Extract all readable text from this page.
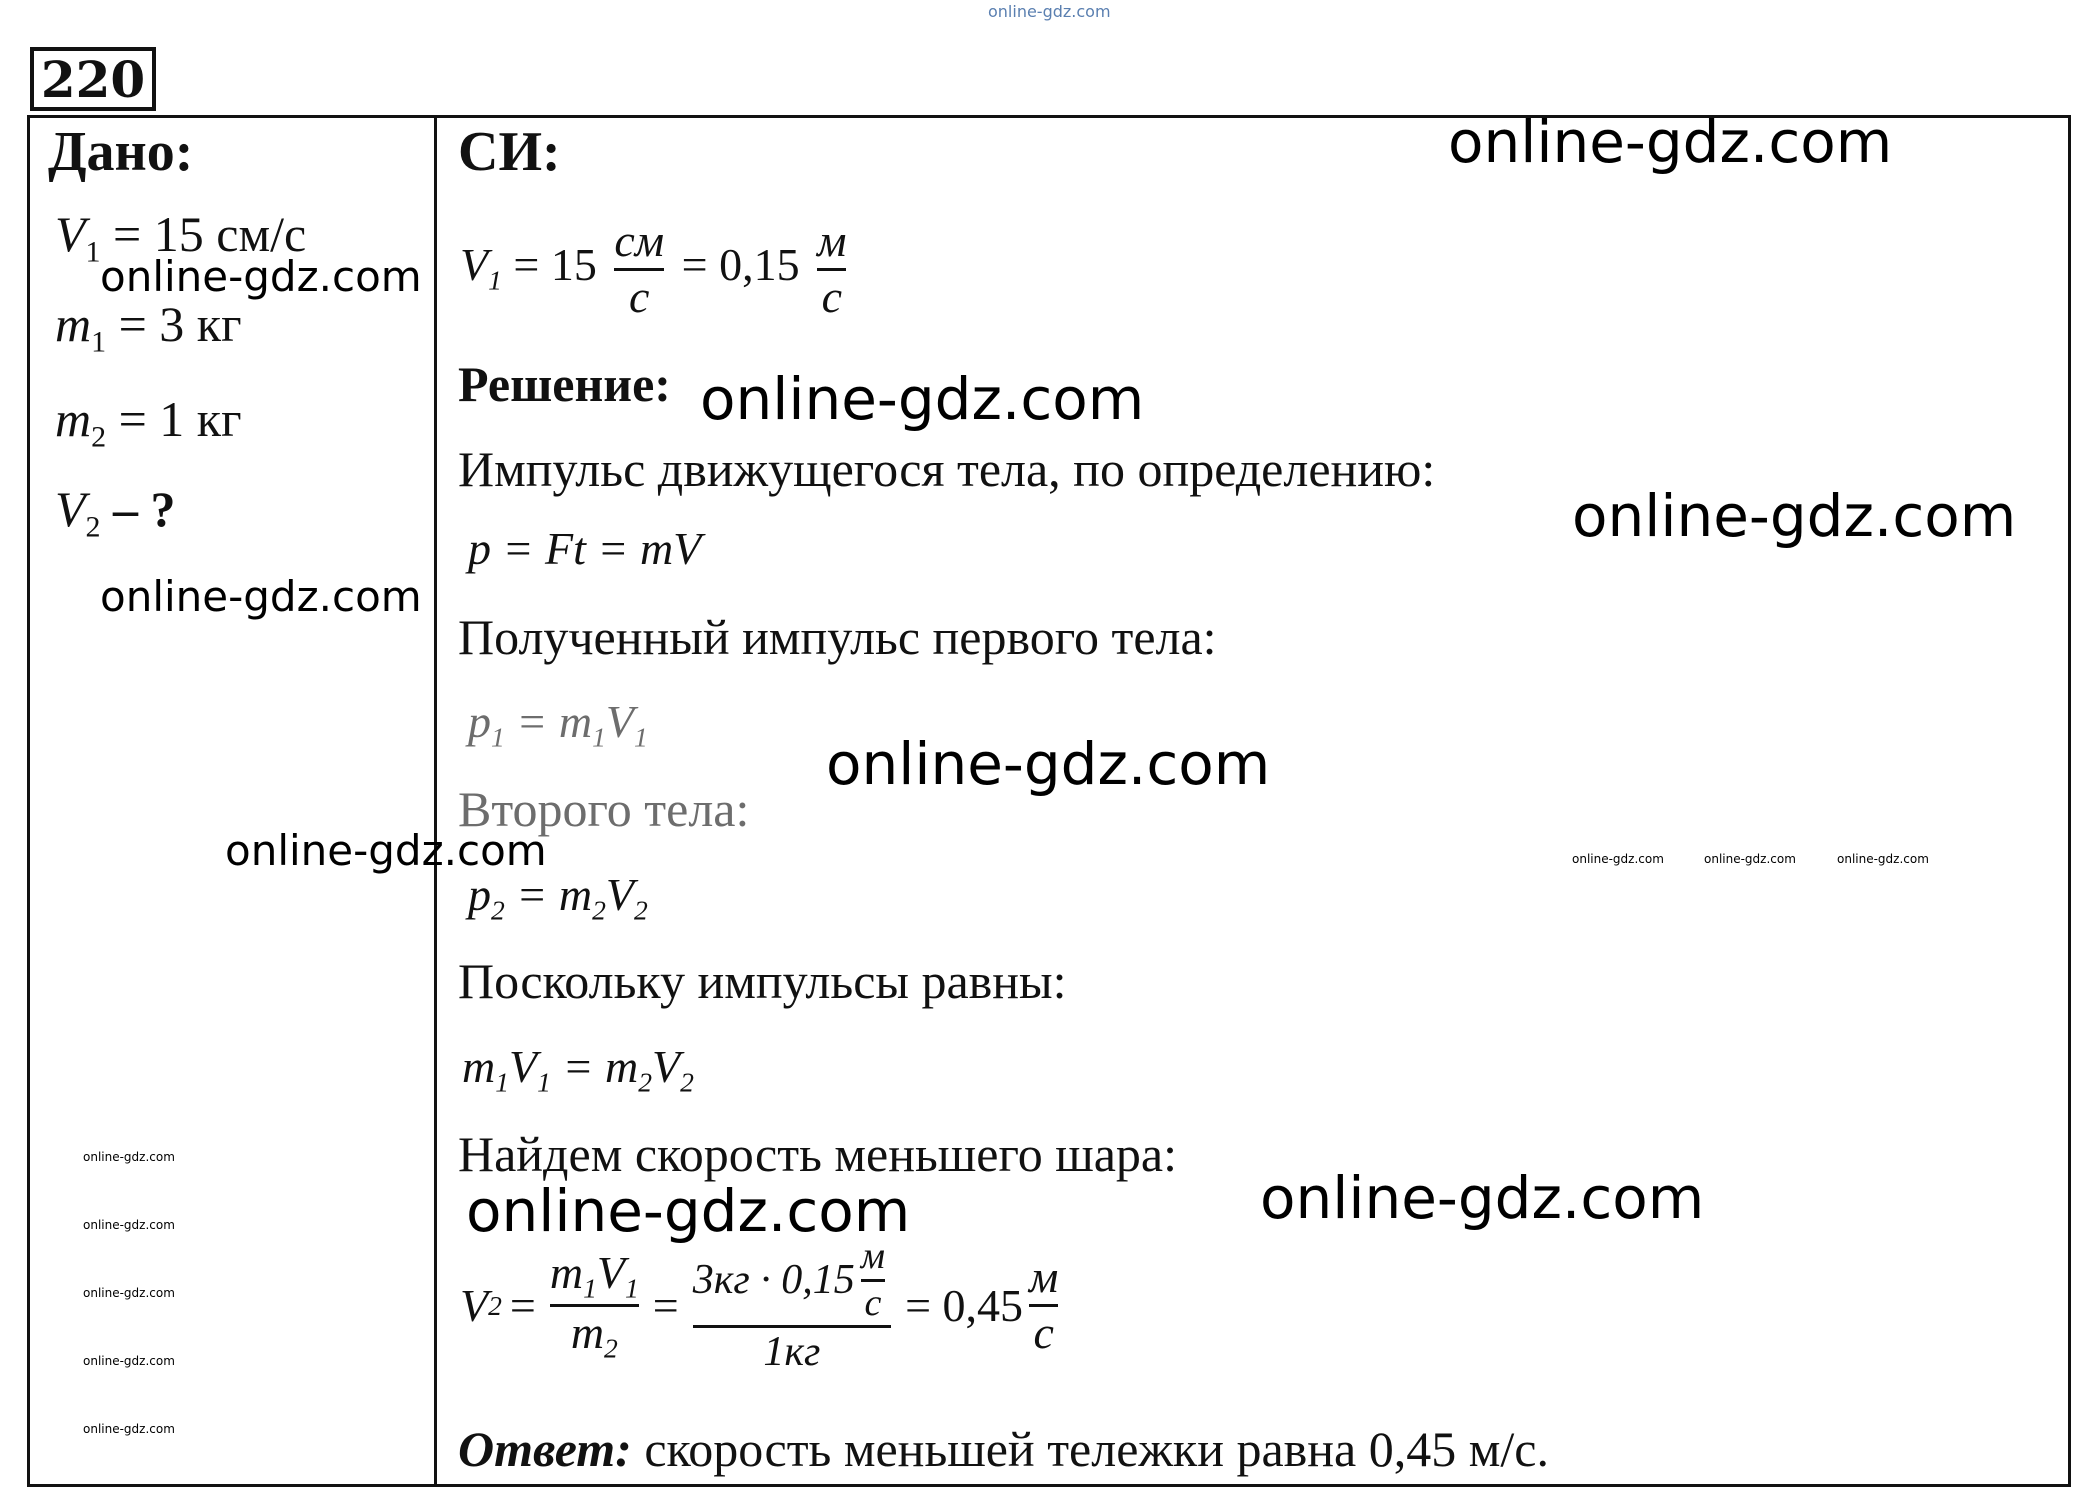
online-gdz.com
220
Дано:
$V_1 = 15$ см/с
$m_1 = 3$ кг
$m_2 = 1$ кг
$V_2$ – ?
СИ:
$V_1 = 15 \frac{см}{с} = 0,15 \frac{м}{с}$
Решение:
Импульс движущегося тела, по определению:
p = Ft = mV
Полученный импульс первого тела:
$p_1 = m_1V_1$
Второго тела:
$p_2 = m_2V_2$
Поскольку импульсы равны:
$m_1V_1 = m_2V_2$
Найдем скорость меньшего шара:
V $2 = \frac{m_1V_1}{m_2} = \frac{3кг \cdot 0,15 \frac{м}{с}}{1кг} = 0,45 \frac{м}{с}$
Ответ: скорость меньшей тележки равна 0,45 м/с.
online-gdz.com
online-gdz.com
online-gdz.com
online-gdz.com
online-gdz.com
online-gdz.com
online-gdz.com	online-gdz.com	online-gdz.com	online-gdz.com
online-gdz.com	online-gdz.com
online-gdz.com
online-gdz.com
online-gdz.com
online-gdz.com
online-gdz.com
